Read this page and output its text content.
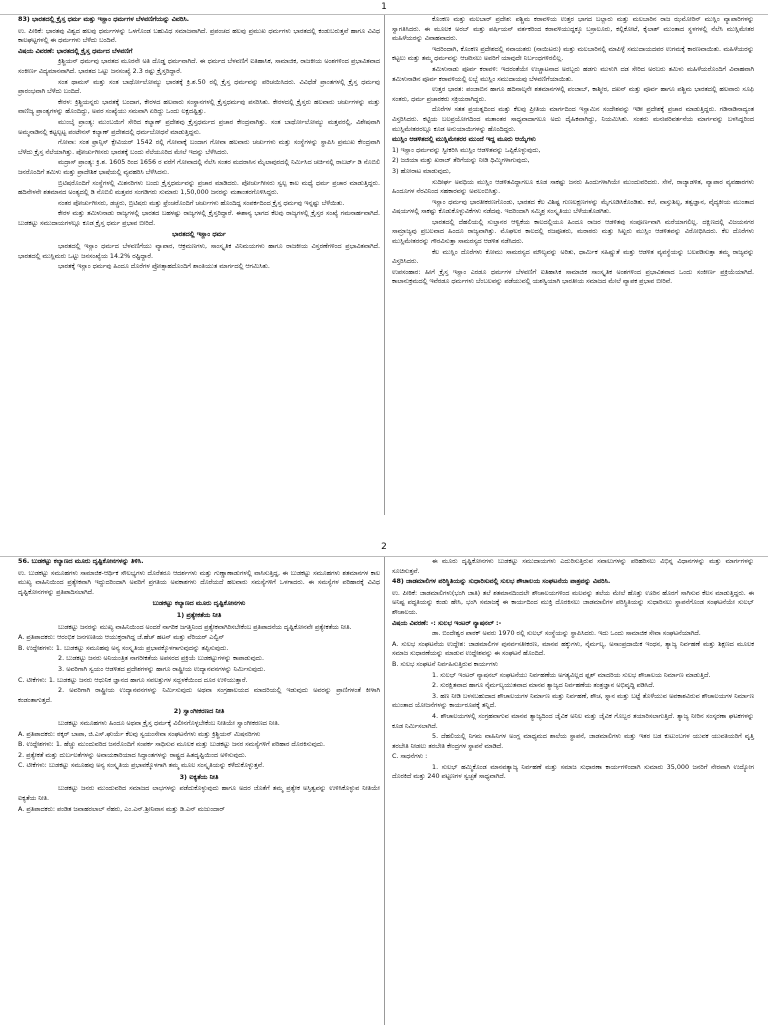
1

83) ಭಾರತದಲ್ಲಿ ಕ್ರೈಸ್ತ ಧರ್ಮ ಮತ್ತು ಇಸ್ಲಾಂ ಧರ್ಮಗಳ ಬೆಳವಣಿಗೆಯನ್ನು ವಿವರಿಸಿ.

ಉ. ಪೀಠಿಕೆ: ಭಾರತವು ವಿಶ್ವದ ಹಲವು ಧರ್ಮಗಳನ್ನು ಒಳಗೊಂಡ ಬಹುವಿಧ ಸಮಾಜವಾಗಿದೆ. ಪ್ರಪಂಚದ ಹಲವು ಪ್ರಮುಖ ಧರ್ಮಗಳು ಭಾರತದಲ್ಲಿ ಕಂಡುಬರುತ್ತವೆ ಹಾಗೂ ವಿವಿಧ ಕಾಲಘಟ್ಟಗಳಲ್ಲಿ ಈ ಧರ್ಮಗಳು ಬೆಳೆದು ಬಂದಿವೆ.

ವಿಷಯ ವಿವರಣೆ: ಭಾರತದಲ್ಲಿ ಕ್ರೈಸ್ತ ಧರ್ಮದ ಬೆಳವಣಿಗೆ

ಕ್ರಿಶ್ಚಿಯನ್ ಧರ್ಮವು ಭಾರತದ ಮೂರನೇ ಅತಿ ದೊಡ್ಡ ಧರ್ಮವಾಗಿದೆ. ಈ ಧರ್ಮದ ಬೆಳವಣಿಗೆ ಐತಿಹಾಸಿಕ, ಸಾಮಾಜಿಕ, ರಾಜಕೀಯ ಅಂಶಗಳಿಂದ ಪ್ರಭಾವಿತವಾದ ಸಂಕೀರ್ಣ ವಿದ್ಯಮಾನವಾಗಿದೆ. ಭಾರತದ ಒಟ್ಟು ಜನಸಂಖ್ಯೆ 2.3 ರಷ್ಟು ಕ್ರೈಸ್ತರಿದ್ದಾರೆ.

ಸಂತ ಥಾಮಸ್ ಮತ್ತು ಸಂತ ಬಾರ್ಥೋಲೋಮ್ಯು ಭಾರತಕ್ಕೆ ಕ್ರಿ.ಶ.50 ರಲ್ಲಿ ಕ್ರೈಸ್ತ ಧರ್ಮವನ್ನು ಪರಿಚಯಿಸಿದರು. ವಿವಿಧೆಡೆ ಪ್ರಾಂತಗಳಲ್ಲಿ ಕ್ರೈಸ್ತ ಧರ್ಮವು ಪ್ರಾರಂಭವಾಗಿ ಬೆಳೆದು ಬಂದಿದೆ.

ಕೇರಳ: ಕ್ರಿಶ್ಚಿಯನ್ನರು ಭಾರತಕ್ಕೆ ಬಂದಾಗ, ಕೇರಳದ ಹಲವಾರು ಸಂಸ್ಥಾನಗಳಲ್ಲಿ ಕ್ರೈಸ್ತಧರ್ಮವು ಪಸರಿಸಿತು. ಕೇರಳದಲ್ಲಿ ಕ್ರೈಸ್ತರು ಹಲವಾರು ಚರ್ಚುಗಳನ್ನು ಮತ್ತು ವಾಣಿಜ್ಯ ಪ್ರಾಂತ್ಯಗಳನ್ನು ಹೊಂದಿದ್ದು, ಅವರ ಸಂಖ್ಯೆಯು ಸಮವಾಗಿ ಏರಿದ್ದು ಒಂದು ಲಕ್ಷದಷ್ಟಿತ್ತು.

ಮುಂಬೈ ಪ್ರಾಂತ್ಯ: ಮುಂಬಯಿಗೆ ಸೇರಿದ ಕಲ್ಯಾಣ್ ಪ್ರದೇಶವು ಕ್ರೈಸ್ತಧರ್ಮದ ಪ್ರಚಾರ ಕೇಂದ್ರವಾಗಿತ್ತು. ಸಂತ ಬಾರ್ಥೋಲೋಮ್ಯು ಮತ್ತವರಲ್ಲಿ, ವಿಶೇಷವಾಗಿ ಅಮ್ಮನಾಡಿನಲ್ಲಿ ಕಟ್ಟಲ್ಪಟ್ಟ ಪಂಟೇನಸ್ ಕಲ್ಯಾಣ್ ಪ್ರದೇಶದಲ್ಲಿ ಧರ್ಮಬೋಧನೆ ಮಾಡುತ್ತಿದ್ದನು.

ಗೋವಾ: ಸಂತ ಫ್ರಾನ್ಸಿಸ್ ಕ್ಸೇವಿಯರ್ 1542 ರಲ್ಲಿ ಗೋವಾಕ್ಕೆ ಬಂದಾಗ ಗೋವಾ ಹಲವಾರು ಚರ್ಚುಗಳು ಮತ್ತು ಸಂಸ್ಥೆಗಳನ್ನು ಸ್ಥಾಪಿಸಿ ಪ್ರಮುಖ ಕೇಂದ್ರವಾಗಿ ಬೆಳೆದು ಕ್ರೈಸ್ತ ನೆಲೆಯಾಗಿತ್ತು. ಪೋರ್ಚುಗೀಸರು ಭಾರತಕ್ಕೆ ಬಂದು ನೆಲೆಯೂರಿದ ಮೇಲೆ ಇದನ್ನು ಬೆಳೆಸಿದರು.

ಮದ್ರಾಸ್ ಪ್ರಾಂತ್ಯ: ಕ್ರಿ.ಶ. 1605 ರಿಂದ 1656 ರ ವರೆಗೆ ಗೋವಾದಲ್ಲಿ ನೆಲೆಸಿ ಸಂತರ ಮದರಾಸಿನ ಮೈಲಾಪುರದಲ್ಲಿ ನಿರ್ಮಿಸಿದ ಚರ್ಚಿನಲ್ಲಿ ರಾಬರ್ಟ್ ಡಿ ನೊಬಿಲಿ ಜನರೊಂದಿಗೆ ತಮಿಳು ಮತ್ತು ಪ್ರಾದೇಶಿಕ ಭಾಷೆಯಲ್ಲಿ ವ್ಯವಹರಿಸಿ ಬೆಳೆಸಿದನು.

ಬ್ರಿಟಿಷರೊಂದಿಗೆ ಸಂಸ್ಥೆಗಳಲ್ಲಿ ಮಿಶನರಿಗಳು ಬಂದು ಕ್ರೈಸ್ತಧರ್ಮವನ್ನು ಪ್ರಚಾರ ಮಾಡಿದರು. ಪೋರ್ಚುಗೀಸರು ಸ್ವಲ್ಪ ಕಾಲ ಮಧ್ಯೆ ಧರ್ಮ ಪ್ರಚಾರ ಮಾಡುತ್ತಿದ್ದರು. ಹದಿನೇಳನೇ ಶತಮಾನದ ಅಂತ್ಯದಲ್ಲಿ ಡಿ ನೊಬಿಲಿ ಮತ್ತವರ ಸಂಗಡಿಗರು ಸುಮಾರು 1,50,000 ಜನರನ್ನು ಮತಾಂತರಗೊಳಿಸಿದ್ದರು.

ನಂತರ ಪೋರ್ಚುಗೀಸರು, ಡಚ್ಚರು, ಬ್ರಿಟಿಷರು ಮತ್ತು ಫ್ರೆಂಚರೊಂದಿಗೆ ಚರ್ಚುಗಳು ಹೊಂದಿದ್ದ ಸಂಪರ್ಕದಿಂದ ಕ್ರೈಸ್ತ ಧರ್ಮವು ಇನ್ನಷ್ಟು ಬೆಳೆಯಿತು.

ಕೇರಳ ಮತ್ತು ತಮಿಳುನಾಡು ರಾಜ್ಯಗಳಲ್ಲಿ ಭಾರತದ ಬಹಳಷ್ಟು ರಾಜ್ಯಗಳಲ್ಲಿ ಕ್ರೈಸ್ತರಿದ್ದಾರೆ. ಈಶಾನ್ಯ ಭಾಗದ ಕೆಲವು ರಾಜ್ಯಗಳಲ್ಲಿ ಕ್ರೈಸ್ತರ ಸಂಖ್ಯೆ ಗಮನಾರ್ಹವಾಗಿದೆ. ಬುಡಕಟ್ಟು ಸಮುದಾಯಗಳಲ್ಲೂ ಕೂಡ ಕ್ರೈಸ್ತ ಧರ್ಮ ಪ್ರಭಾವ ಬೀರಿದೆ.

ಭಾರತದಲ್ಲಿ ಇಸ್ಲಾಂ ಧರ್ಮ

ಭಾರತದಲ್ಲಿ ಇಸ್ಲಾಂ ಧರ್ಮದ ಬೆಳವಣಿಗೆಯು ವ್ಯಾಪಾರ, ಆಕ್ರಮಣಗಳು, ಸಾಂಸ್ಕೃತಿಕ ವಿನಿಮಯಗಳು ಹಾಗೂ ರಾಜಕೀಯ ವಿಸ್ತರಣೆಗಳಿಂದ ಪ್ರಭಾವಿತವಾಗಿದೆ. ಭಾರತದಲ್ಲಿ ಮುಸ್ಲಿಮರು ಒಟ್ಟು ಜನಸಂಖ್ಯೆಯ 14.2% ರಷ್ಟಿದ್ದಾರೆ.

ಭಾರತಕ್ಕೆ ಇಸ್ಲಾಂ ಧರ್ಮವು ಹಿಂದೂ ದೊರೆಗಳ ಪ್ರೋತ್ಸಾಹದೊಂದಿಗೆ ಶಾಂತಿಯುತ ಮಾರ್ಗದಲ್ಲಿ ಆಗಮಿಸಿತು.

ಕೊಂಕಣ ಮತ್ತು ಮಲಬಾರ್ ಪ್ರದೇಶ: ಪಶ್ಚಿಮ ಕರಾವಳಿಯ ಉತ್ತರ ಭಾಗದ ಬಲ್ಲಾರು ಮತ್ತು ಮಲಬಾರಿನ ರಾಜ ಝಮೋರಿನ್ ಮುಸ್ಲಿಂ ವ್ಯಾಪಾರಿಗಳನ್ನು ಸ್ವಾಗತಿಸಿದರು. ಈ ಮೂಲಕ ಅರಬ್ ಮತ್ತು ಪರ್ಷಿಯನ್ ವರ್ತಕರಿಂದ ಕರಾವಳಿಯುದ್ದಕ್ಕೂ ಬಸ್ರಾಲೂರು, ಕಲ್ಲಿಕೋಟೆ, ಕೈಲಾಶ್ ಮುಂತಾದ ಸ್ಥಳಗಳಲ್ಲಿ ನೆಲೆಸಿ ಮುಸ್ಲಿಮೇತರ ಮಹಿಳೆಯರನ್ನು ವಿವಾಹವಾದರು.

ಇದರಿಂದಾಗಿ, ಕೊಂಕಣ ಪ್ರದೇಶದಲ್ಲಿ ನವಾಯತರು (ನಾಯಿಟರು) ಮತ್ತು ಮಲಬಾರಿನಲ್ಲಿ ಮಾಪಿಳ್ಳೆ ಸಮುದಾಯದವರ ಉಗಮಕ್ಕೆ ಕಾರಣವಾಯಿತು. ಮಹಿಳೆಯರನ್ನು ಕಟ್ಟಲು ಮತ್ತು ತಮ್ಮ ಧರ್ಮವನ್ನು ಆಚರಿಸಲು ಅವರಿಗೆ ಯಾವುದೇ ನಿರ್ಬಂಧಗಳಿರಲಿಲ್ಲ.

ತಮಿಳುನಾಡು ಪೂರ್ವ ಕರಾವಳಿ: ಇದರಂತೆಯೇ ಉಚ್ಚಾಟನಾದ ಅರಬ್ಬರು ಹಡಗು ಮುಳುಗಿ ದಡ ಸೇರಿದ ಅರಬರು ತಮಿಳು ಮಹಿಳೆಯರೊಂದಿಗೆ ವಿವಾಹವಾಗಿ ತಮಿಳುನಾಡಿನ ಪೂರ್ವ ಕರಾವಳಿಯಲ್ಲಿ ಲಬ್ಬೆ ಮುಸ್ಲಿಂ ಸಮುದಾಯವು ಬೆಳವಣಿಗೆಯಾಯಿತು.

ಉತ್ತರ ಭಾರತ: ಪಂಜಾಬಿನ ಹಾಗೂ ಹದಿನಾಲ್ಕನೇ ಶತಮಾನಗಳಲ್ಲಿ ಪಂಜಾಬ್, ಕಾಶ್ಮೀರ, ದಖನ್ ಮತ್ತು ಪೂರ್ವ ಹಾಗೂ ಪಶ್ಚಿಮ ಭಾರತದಲ್ಲಿ ಹಲವಾರು ಸೂಫಿ ಸಂತರು, ಧರ್ಮ ಪ್ರಚಾರಕರು ಸಕ್ರಿಯರಾಗಿದ್ದರು.

ದೊರೆಗಳ ಸತತ ಪ್ರಯತ್ನದಿಂದ ಮತ್ತು ಕೆಲವು ಪ್ರೀತಿಯ ಮಾರ್ಗದಿಂದ ಇಸ್ಲಾಮಿನ ಸಂದೇಶವನ್ನು ಇಡೀ ಪ್ರದೇಶಕ್ಕೆ ಪ್ರಚಾರ ಮಾಡುತ್ತಿದ್ದರು. ಗಡಿನಾಡಿನಾದ್ಯಂತ ವಿಸ್ತರಿಸಿದರು. ಕಟ್ಟಿಯ ಬಲಪ್ರಯೋಗದಿಂದ ಮತಾಂತರ ಸಾಧ್ಯವಾದಾಗಲೂ ಅದು ದೈಹಿಕವಾಗಿದ್ದು, ನಿಯಮಿಸಿತು. ಸಂತರು ಮನಃಪರಿವರ್ತನೆಯ ಮಾರ್ಗವನ್ನು ಬಳಸಿದ್ದರಿಂದ ಮುಸ್ಲಿಮೇತರರಲ್ಲೂ ಕೂಡ ಅನುಯಾಯಿಗಳನ್ನು ಹೊಂದಿದ್ದರು.

ಮುಸ್ಲಿಂ ಆಡಳಿತದಲ್ಲಿ ಮುಸ್ಲಿಮೇತರರ ಮುಂದೆ ಇದ್ದ ಮೂರು ಆಯ್ಕೆಗಳು

1) ಇಸ್ಲಾಂ ಧರ್ಮವನ್ನು ಸ್ವೀಕರಿಸಿ ಮುಸ್ಲಿಂ ಆಡಳಿತವನ್ನು ಒಪ್ಪಿಕೊಳ್ಳುವುದು,

2) ಜಜಿಯಾ ಮತ್ತು ಖರಾಜ್ ತೆರಿಗೆಯನ್ನು ನೀಡಿ ಧಿಮ್ಮಿಗಳಾಗುವುದು,

3) ಹೋರಾಟ ಮಾಡುವುದು,

ಸುದೀರ್ಘ ಅವಧಿಯ ಮುಸ್ಲಿಂ ಆಡಳಿತವಿದ್ದಾಗಲೂ ಕೂಡ ಸಾಕಷ್ಟು ಜನರು ಹಿಂದುಗಳಾಗಿಯೇ ಮುಂದುವರಿದರು. ಸೇನೆ, ರಾಜ್ಯಾಡಳಿತ, ವ್ಯಾಪಾರ ವ್ಯವಹಾರಗಳು ಹಿಂದೂಗಳ ನೆರವಿನಿಂದ ಸಹಕಾರವನ್ನು ಅವಲಂಬಿಸಿತ್ತು.

ಇಸ್ಲಾಂ ಧರ್ಮವು ಭಾರತೀಕರಣಗೊಂಡು, ಭಾರತದ ಕೆಲ ವಿಶಿಷ್ಟ ಗುಣಲಕ್ಷಣಗಳನ್ನು ಮೈಗೂಡಿಸಿಕೊಂಡಿತು. ಕಲೆ, ವಾಸ್ತುಶಿಲ್ಪ, ತತ್ವಜ್ಞಾನ, ವೈದ್ಯಕೀಯ ಮುಂತಾದ ವಿಷಯಗಳಲ್ಲಿ ಸಾಕಷ್ಟು ಕೊಡುಕೊಳ್ಳುವಿಕೆಗಳು ನಡೆದವು. ಇದರಿಂದಾಗಿ ಸಮ್ಮಿಶ್ರ ಸಂಸ್ಕೃತಿಯು ಬೆಳೆಯತೊಡಗಿತು.

ಭಾರತದಲ್ಲಿ ದೆಹಲಿಯಲ್ಲಿ ಸುಲ್ತಾನರ ಆಳ್ವಿಕೆಯ ಕಾಲದಲ್ಲಿಯೂ ಹಿಂದೂ ರಾಜರ ಆಡಳಿತವು ಸಂಪೂರ್ಣವಾಗಿ ಮರೆಯಾಗಲಿಲ್ಲ. ದಕ್ಷಿಣದಲ್ಲಿ ವಿಜಯನಗರ ಸಾಮ್ರಾಜ್ಯವು ಪ್ರಬಲವಾದ ಹಿಂದೂ ರಾಜ್ಯವಾಗಿತ್ತು. ಮೊಘಲರ ಕಾಲದಲ್ಲಿ ರಜಪೂತರು, ಮರಾಠರು ಮತ್ತು ಸಿಖ್ಖರು ಮುಸ್ಲಿಂ ಆಡಳಿತವನ್ನು ವಿರೋಧಿಸಿದರು. ಕೆಲ ದೊರೆಗಳು ಮುಸ್ಲಿಮೇತರರನ್ನು ಗೌರವಿಸುತ್ತಾ ಸಾಮರಸ್ಯದ ಆಡಳಿತ ನಡೆಸಿದರು.

ಕೆಲ ಮುಸ್ಲಿಂ ದೊರೆಗಳು ಕೋಮು ಸಾಮರಸ್ಯದ ಮೌಲ್ಯವನ್ನು ಅರಿತು, ಧಾರ್ಮಿಕ ಸಹಿಷ್ಣುತೆ ಮತ್ತು ಆಡಳಿತ ವ್ಯವಸ್ಥೆಯನ್ನು ಬಲಪಡಿಸುತ್ತಾ ತಮ್ಮ ರಾಜ್ಯವನ್ನು ವಿಸ್ತರಿಸಿದರು.

ಉಪಸಂಹಾರ: ಹೀಗೆ ಕ್ರೈಸ್ತ ಇಸ್ಲಾಂ ಎರಡೂ ಧರ್ಮಗಳ ಬೆಳವಣಿಗೆ ಐತಿಹಾಸಿಕ ಸಾಮಾಜಿಕ ಸಾಂಸ್ಕೃತಿಕ ಅಂಶಗಳಿಂದ ಪ್ರಭಾವಿತವಾದ ಒಂದು ಸಂಕೀರ್ಣ ಪ್ರಕ್ರಿಯೆಯಾಗಿದೆ. ಕಾಲಾನುಕ್ರಮದಲ್ಲಿ ಇವೆರಡೂ ಧರ್ಮಗಳು ಬೆಂಬಲವನ್ನು ಪಡೆಯುವಲ್ಲಿ ಯಶಸ್ವಿಯಾಗಿ ಭಾರತೀಯ ಸಮಾಜದ ಮೇಲೆ ವ್ಯಾಪಕ ಪ್ರಭಾವ ಬೀರಿವೆ.

2

56. ಬುಡಕಟ್ಟು ಕಲ್ಯಾಣದ ಮೂರು ದೃಷ್ಟಿಕೋನಗಳನ್ನು ತಿಳಿಸಿ.

ಉ. ಬುಡಕಟ್ಟು ಸಮೂಹಗಳು ಸಾಮಾಜಿಕ-ಆರ್ಥಿಕ ಸೌಲಭ್ಯಗಳು ದೊರೆತರೂ ಆದರ್ಶಗಳು ಮತ್ತು ಗುಣ್ಣಾಣಾಡುಗಳಲ್ಲಿ ವಾಸಿಸುತ್ತಿದ್ದ, ಈ ಬುಡಕಟ್ಟು ಸಮೂಹಗಳು ಶತಮಾನಗಳ ಕಾಲ ಮುಖ್ಯ ವಾಹಿನಿಯಿಂದ ಪ್ರತ್ಯೇಕವಾಗಿ ಇದ್ದುದರಿಂದಾಗಿ ಅವರಿಗೆ ಪ್ರಗತಿಯ ಅವಕಾಶಗಳು ದೊರೆಯದೆ ಹಲವಾರು ಸಮಸ್ಯೆಗಳಿಗೆ ಒಳಗಾದರು. ಈ ಸಮಸ್ಯೆಗಳ ಪರಿಹಾರಕ್ಕೆ ವಿವಿಧ ದೃಷ್ಟಿಕೋನಗಳನ್ನು ಪ್ರತಿಪಾದಿಸಲಾಗಿದೆ.

ಬುಡಕಟ್ಟು ಕಲ್ಯಾಣದ ಮೂರು ದೃಷ್ಟಿಕೋನಗಳು

1) ಪ್ರತ್ಯೇಕತೆಯ ನೀತಿ

ಬುಡಕಟ್ಟು ಜನರನ್ನು ಮುಖ್ಯ ವಾಹಿನಿಯಿಂದ ಅಂದರೆ ನಾಗರಿಕ ಜಗತ್ತಿನಿಂದ ಪ್ರತ್ಯೇಕವಾಗಿರಿಸಬೇಕೆಂಬ ಪ್ರತಿಪಾದನೆಯ ದೃಷ್ಟಿಕೋನವೇ ಪ್ರತ್ಯೇಕತೆಯ ನೀತಿ.

A. ಪ್ರತಿಪಾದಕರು: ಆರಂಭಿಕ ಜನಗಣತಿಯ ಆಯುಕ್ತರಾಗಿದ್ದ ಜೆ.ಹೆಚ್ ಹಟನ್ ಮತ್ತು ವೆರಿಯರ್ ಎಲ್ವಿನ್

B. ಉದ್ದೇಶಗಳು: 1. ಬುಡಕಟ್ಟು ಸಮೂಹವು ಅನ್ಯ ಸಂಸ್ಕೃತಿಯ ಪ್ರಭಾವಕ್ಕೊಳಗಾಗುವುದನ್ನು ತಪ್ಪಿಸುವುದು.

2. ಬುಡಕಟ್ಟು ಜನರು ಅನಿಯಂತ್ರಿತ ನಾಗರೀಕತೆಯ ಅಪಸರದ ಪ್ರಕ್ರಿಯೆ ಬುಡಕಟ್ಟುಗಳನ್ನು ಕಾಪಾಡುವುದು.

3. ಅವರಿಗಾಗಿ ಸ್ವಯಂ ಆಡಳಿತದ ಪ್ರದೇಶಗಳನ್ನು ಹಾಗೂ ರಾಷ್ಟ್ರೀಯ ಉದ್ಯಾನವನಗಳನ್ನು ನಿರ್ಮಿಸುವುದು.

C. ಟೀಕೆಗಳು: 1. ಬುಡಕಟ್ಟು ಜನರು ಆಧುನಿಕ ಜ್ಞಾನದ ಹಾಗೂ ಸವಲತ್ತುಗಳ ಸದ್ಬಳಕೆಯಿಂದ ದೂರ ಉಳಿಯುತ್ತಾರೆ.

2. ಅವರಿಗಾಗಿ ರಾಷ್ಟ್ರೀಯ ಉದ್ಯಾನವನಗಳನ್ನು ನಿರ್ಮಿಸುವುದು ಅಥವಾ ಸಂಗ್ರಹಾಲಯದ ಮಾದರಿಯಲ್ಲಿ ಇಡುವುದು ಅವರನ್ನು ಪ್ರಾಣಿಗಳಂತೆ ಕೀಳಾಗಿ ಕಂಡಂತಾಗುತ್ತದೆ.

2) ಸ್ವಾಂಗೀಕರಣದ ನೀತಿ

ಬುಡಕಟ್ಟು ಸಮೂಹಗಳು ಹಿಂದೂ ಅಥವಾ ಕ್ರೈಸ್ತ ಧರ್ಮಕ್ಕೆ ವಿಲೀನಗೊಳ್ಳಬೇಕೆಂಬ ನೀತಿಯೇ ಸ್ವಾಂಗೀಕರಣದ ನೀತಿ.

A. ಪ್ರತಿಪಾದಕರು: ಠಕ್ಕರ್ ಬಾಪಾ, ಜಿ.ಎಸ್.ಘುರ್ಯೆ ಕೆಲವು ಸ್ವಯಂಸೇವಾ ಸಂಘಟನೆಗಳು ಮತ್ತು ಕ್ರಿಶ್ಚಿಯನ್ ಮಿಷನರಿಗಳು

B. ಉದ್ದೇಶಗಳು: 1. ಹೆಚ್ಚು ಮುಂದುವರಿದ ಜನರೊಂದಿಗೆ ಸಂಪರ್ಕ ಸಾಧಿಸುವ ಮೂಲಕ ಮತ್ತು ಬುಡಕಟ್ಟು ಜನರ ಸಮಸ್ಯೆಗಳಿಗೆ ಪರಿಹಾರ ದೊರಕಿಸುವುದು.

2. ಪ್ರತ್ಯೇಕತೆ ಮತ್ತು ದುರ್ಬಲತೆಗಳನ್ನು ಅವಾಯಕಾರಿಯಾದ ಸಿದ್ಧಾಂತಗಳನ್ನು ರಾಷ್ಟ್ರದ ಹಿತದೃಷ್ಟಿಯಿಂದ ಅಳಿಸುವುದು.

C. ಟೀಕೆಗಳು: ಬುಡಕಟ್ಟು ಸಮೂಹವು ಅನ್ಯ ಸಂಸ್ಕೃತಿಯ ಪ್ರಭಾವಕ್ಕೊಳಗಾಗಿ ತಮ್ಮ ಮೂಲ ಸಂಸ್ಕೃತಿಯನ್ನು ಕಳೆದುಕೊಳ್ಳುತ್ತವೆ.

3) ಐಕ್ಯತೆಯ ನೀತಿ

ಬುಡಕಟ್ಟು ಜನರು ಮುಂದುವರಿದ ಸಮಾಜದ ಲಾಭಗಳನ್ನು ಪಡೆದುಕೊಳ್ಳುವುದು ಹಾಗೂ ಅದರ ಜೊತೆಗೆ ತಮ್ಮ ಪ್ರತ್ಯೇಕ ಅಸ್ತಿತ್ವವನ್ನು ಉಳಿಸಿಕೊಳ್ಳುವ ನೀತಿಯೇ ಐಕ್ಯತೆಯ ನೀತಿ.

A. ಪ್ರತಿಪಾದಕರು: ಪಂಡಿತ ಜವಾಹರಲಾಲ್ ನೆಹರು, ಎಂ.ಎನ್.ಶ್ರೀನಿವಾಸ ಮತ್ತು ಡಿ.ಎನ್ ಮಜುಂದಾರ್

ಈ ಮೂರು ದೃಷ್ಟಿಕೋನಗಳು ಬುಡಕಟ್ಟು ಸಮುದಾಯಗಳು ಎದುರಿಸುತ್ತಿರುವ ಸವಾಲುಗಳನ್ನು ಪರಿಹರಿಸಲು ವಿಭಿನ್ನ ವಿಧಾನಗಳನ್ನು ಮತ್ತು ಮಾರ್ಗಗಳನ್ನು ಸೂಚಿಸುತ್ತವೆ.

48) ಜಾಡಮಾಲಿಗಳ ಪರಿಸ್ಥಿತಿಯನ್ನು ಸುಧಾರಿಸುವಲ್ಲಿ ಸುಲಭ ಶೌಚಾಲಯ ಸಂಘಟನೆಯ ಪಾತ್ರವನ್ನು ವಿವರಿಸಿ.

ಉ. ಪೀಠಿಕೆ: ಜಾಡಮಾಲಿಗಳು(ಭಂಗಿ ಜಾತಿ) ತಲೆ ಶತಮಾನದಿಂದಲೇ ಶೌಚಾಲಯಗಳಿಂದ ಮಲವನ್ನು ತಲೆಯ ಮೇಲೆ ಹೊತ್ತು ಊರಿನ ಹೊರಗೆ ಸಾಗಿಸುವ ಕೆಲಸ ಮಾಡುತ್ತಿದ್ದರು. ಈ ಅನಿಷ್ಟ ಪದ್ಧತಿಯನ್ನು ಕಂಡು ಹೇಸಿ, ಭಂಗಿ ಸಮಾಜಕ್ಕೆ ಈ ಕಾರ್ಯದಿಂದ ಮುಕ್ತಿ ದೊರಕಿಸಲು ಜಾಡಮಾಲಿಗಳ ಪರಿಸ್ಥಿತಿಯನ್ನು ಸುಧಾರಿಸಲು ಸ್ಥಾಪನೆಗೊಂಡ ಸಂಘಟನೆಯೇ ಸುಲಭ್ ಶೌಚಾಲಯ.

ವಿಷಯ ವಿವರಣೆ: -: ಸುಲಭ ಇಂಟರ್ ನ್ಯಾಷನಲ್ :-

ಡಾ. ಬಿಂದೇಶ್ವರ ಪಾಠಕ್ ಅವರು 1970 ರಲ್ಲಿ ಸುಲಭ್ ಸಂಸ್ಥೆಯನ್ನು ಸ್ಥಾಪಿಸಿದರು. ಇದು ಒಂದು ಸಾಮಾಜಿಕ ಸೇವಾ ಸಂಘಟನೆಯಾಗಿದೆ.

A. ಸುಲಭ ಸಂಘಟನೆಯ ಉದ್ದೇಶ: ಜಾಡಮಾಲಿಗಳ ಪುನರ್ವಸತೀಕರಣ, ಮಾನವ ಹಕ್ಕುಗಳು, ನೈರ್ಮಲ್ಯ, ಅಸಾಂಪ್ರದಾಯಿಕ ಇಂಧನ, ತ್ಯಾಜ್ಯ ನಿರ್ವಹಣೆ ಮತ್ತು ಶಿಕ್ಷಣದ ಮೂಲಕ ಸಮಾಜ ಸುಧಾರಣೆಯನ್ನು ಮಾಡುವ ಉದ್ದೇಶವನ್ನು ಈ ಸಂಘಟನೆ ಹೊಂದಿದೆ.

B. ಸುಲಭ ಸಂಘಟನೆ ನಿರ್ವಹಿಸುತ್ತಿರುವ ಕಾರ್ಯಗಳು

1. ಸುಲಭ್ ಇಂಟರ್ ನ್ಯಾಷನಲ್ ಸಂಘಟನೆಯು ನಿರ್ವಹಣೆಯ ಅಗತ್ಯವಿಲ್ಲದ ಫ್ಲಶ್ ಮಾದರಿಯ ಸುಲಭ ಶೌಚಾಲಯ ನಿರ್ಮಾಣ ಮಾಡುತ್ತಿದೆ.

2. ಸುರಕ್ಷಿತವಾದ ಹಾಗೂ ನೈರ್ಮಲ್ಯಯುತವಾದ ಮಾನವ ತ್ಯಾಜ್ಯದ ನಿರ್ವಹಣೆಯ ತಂತ್ರಜ್ಞಾನ ಅಭಿವೃದ್ಧಿ ಪಡಿಸಿದೆ.

3. ಹಣ ನೀಡಿ ಬಳಸಬಹುದಾದ ಶೌಚಾಲಯಗಳ ನಿರ್ಮಾಣ ಮತ್ತು ನಿರ್ವಹಣೆ, ಶೌಚ, ಸ್ನಾನ ಮತ್ತು ಬಟ್ಟೆ ತೊಳೆಯುವ ಅವಕಾಶವಿರುವ ಶೌಚಾಲಯಗಳ ನಿರ್ಮಾಣ ಮುಂತಾದ ಯೋಜನೆಗಳನ್ನು ಕಾರ್ಯರೂಪಕ್ಕೆ ತನ್ನಿದೆ.

4. ಶೌಚಾಲಯಗಳಲ್ಲಿ ಸಂಗ್ರಹವಾಗುವ ಮಾನವ ತ್ಯಾಜ್ಯದಿಂದ ಜೈವಿಕ ಅನಿಲ ಮತ್ತು ಜೈವಿಕ ಗೊಬ್ಬರ ತಯಾರಿಸಲಾಗುತ್ತಿದೆ. ತ್ಯಾಜ್ಯ ನೀರಿನ ಸಂಸ್ಕರಣಾ ಘಟಕಗಳನ್ನು ಕೂಡ ನಿರ್ಮಿಸಲಾಗಿದೆ.

5. ದೆಹಲಿಯಲ್ಲಿ ನಿಗಮ ವಾಹಿನಿಗಳ ಅಂಗ್ಲ ಮಾಧ್ಯಮದ ಶಾಲೆಯ ಸ್ಥಾಪನೆ, ಜಾಡಮಾಲಿಗಳು ಮತ್ತು ಇತರ ಬಡ ಕುಟುಂಬಗಳ ಯುವಕ ಯುವತಿಯರಿಗೆ ವೃತ್ತಿ ತರಬೇತಿ ನೀಡಲು ತರಬೇತಿ ಕೇಂದ್ರಗಳ ಸ್ಥಾಪನೆ ಮಾಡಿದೆ.

C. ಸಾಧನೆಗಳು :

1. ಸುಲಭ್ ಹಮ್ಮಿಕೊಂಡ ಮಾನವತ್ಯಾಜ್ಯ ನಿರ್ವಹಣೆ ಮತ್ತು ಸಮಾಜ ಸುಧಾರಣಾ ಕಾರ್ಯಗಳಿಂದಾಗಿ ಸುಮಾರು 35,000 ಜನರಿಗೆ ನೇರವಾಗಿ ಉದ್ಯೋಗ ದೊರಕಿದೆ ಮತ್ತು 240 ಪಟ್ಟಣಗಳ ಸ್ವಚ್ಛತೆ ಸಾಧ್ಯವಾಗಿದೆ.
